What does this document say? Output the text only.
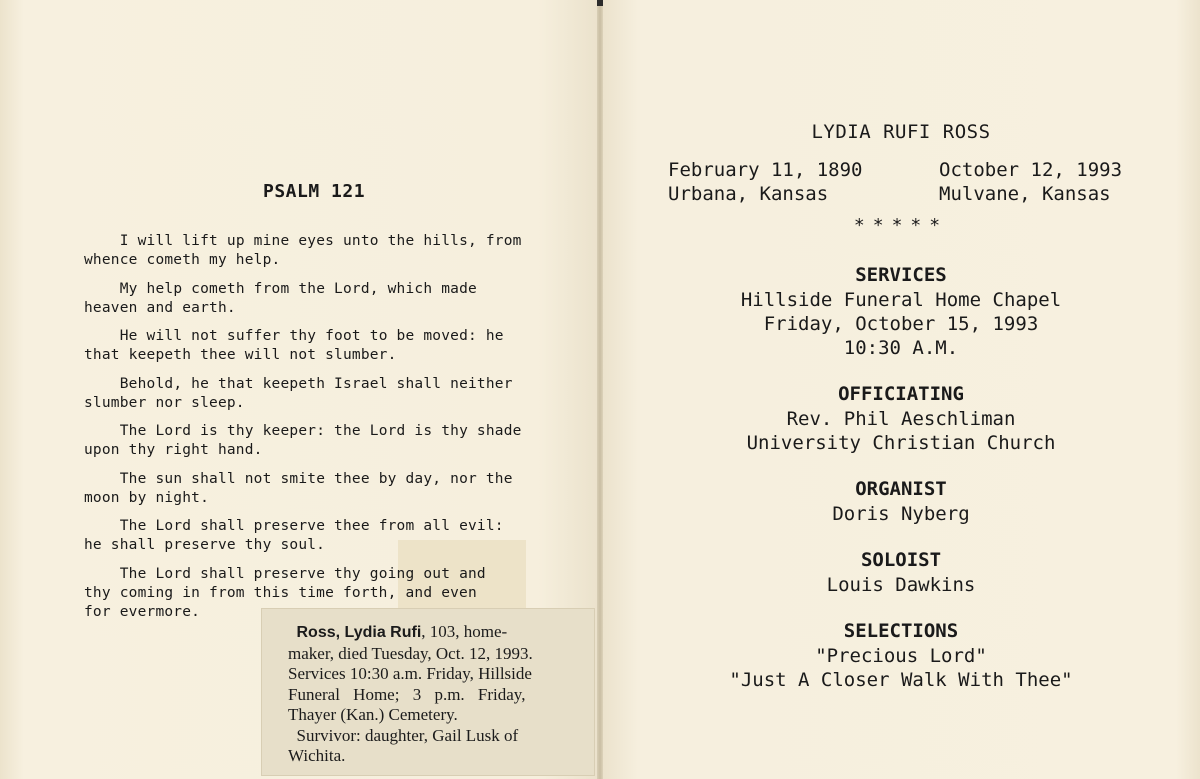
PSALM 121

I will lift up mine eyes unto the hills, from
whence cometh my help.

My help cometh from the Lord, which made
heaven and earth.

He will not suffer thy foot to be moved: he
that keepeth thee will not slumber.

Behold, he that keepeth Israel shall neither
slumber nor sleep.

The Lord is thy keeper: the Lord is thy shade
upon thy right hand.

The sun shall not smite thee by day, nor the
moon by night.

The Lord shall preserve thee from all evil:
he shall preserve thy soul.

The Lord shall preserve thy going out and
thy coming in from this time forth, and even
for evermore.

Ross, Lydia Rufi, 103, home-
maker, died Tuesday, Oct. 12, 1993.
Services 10:30 a.m. Friday, Hillside
Funeral Home; 3 p.m. Friday,
Thayer (Kan.) Cemetery.
Survivor: daughter, Gail Lusk of
Wichita.
LYDIA RUFI ROSS
February 11, 1890
Urbana, Kansas
October 12, 1993
Mulvane, Kansas
*****
SERVICES
Hillside Funeral Home Chapel
Friday, October 15, 1993
10:30 A.M.
OFFICIATING
Rev. Phil Aeschliman
University Christian Church
ORGANIST
Doris Nyberg
SOLOIST
Louis Dawkins
SELECTIONS
"Precious Lord"
"Just A Closer Walk With Thee"
